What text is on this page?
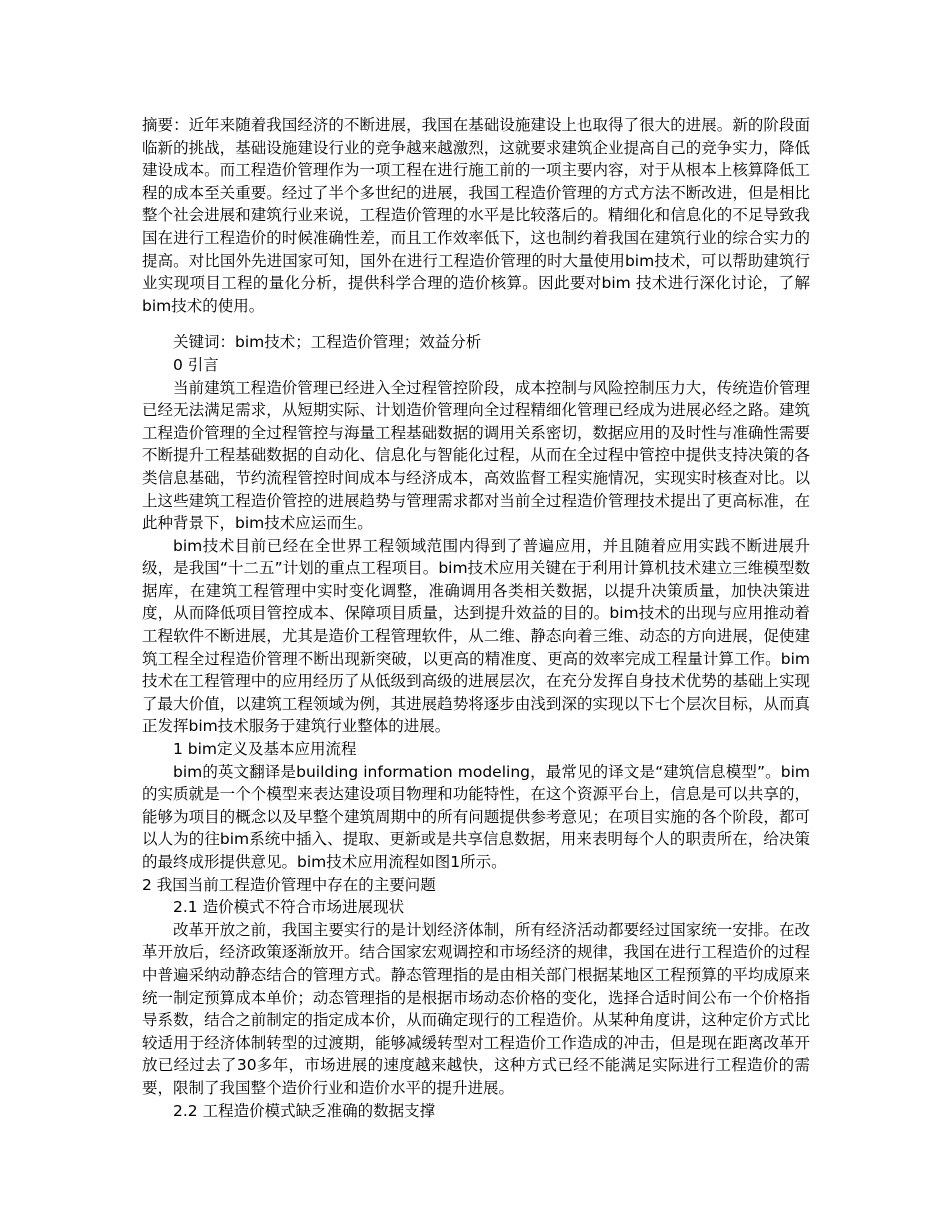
摘要：近年来随着我国经济的不断进展，我国在基础设施建设上也取得了很大的进展。新的阶段面临新的挑战，基础设施建设行业的竞争越来越激烈，这就要求建筑企业提高自己的竞争实力，降低建设成本。而工程造价管理作为一项工程在进行施工前的一项主要内容，对于从根本上核算降低工程的成本至关重要。经过了半个多世纪的进展，我国工程造价管理的方式方法不断改进，但是相比整个社会进展和建筑行业来说，工程造价管理的水平是比较落后的。精细化和信息化的不足导致我国在进行工程造价的时候准确性差，而且工作效率低下，这也制约着我国在建筑行业的综合实力的提高。对比国外先进国家可知，国外在进行工程造价管理的时大量使用bim技术，可以帮助建筑行业实现项目工程的量化分析，提供科学合理的造价核算。因此要对bim 技术进行深化讨论，了解bim技术的使用。

关键词：bim技术；工程造价管理；效益分析

0 引言

当前建筑工程造价管理已经进入全过程管控阶段，成本控制与风险控制压力大，传统造价管理已经无法满足需求，从短期实际、计划造价管理向全过程精细化管理已经成为进展必经之路。建筑工程造价管理的全过程管控与海量工程基础数据的调用关系密切，数据应用的及时性与准确性需要不断提升工程基础数据的自动化、信息化与智能化过程，从而在全过程中管控中提供支持决策的各类信息基础，节约流程管控时间成本与经济成本，高效监督工程实施情况，实现实时核查对比。以上这些建筑工程造价管控的进展趋势与管理需求都对当前全过程造价管理技术提出了更高标准，在此种背景下，bim技术应运而生。

bim技术目前已经在全世界工程领域范围内得到了普遍应用，并且随着应用实践不断进展升级，是我国“十二五”计划的重点工程项目。bim技术应用关键在于利用计算机技术建立三维模型数据库，在建筑工程管理中实时变化调整，准确调用各类相关数据，以提升决策质量，加快决策进度，从而降低项目管控成本、保障项目质量，达到提升效益的目的。bim技术的出现与应用推动着工程软件不断进展，尤其是造价工程管理软件，从二维、静态向着三维、动态的方向进展，促使建筑工程全过程造价管理不断出现新突破，以更高的精准度、更高的效率完成工程量计算工作。bim技术在工程管理中的应用经历了从低级到高级的进展层次，在充分发挥自身技术优势的基础上实现了最大价值，以建筑工程领域为例，其进展趋势将逐步由浅到深的实现以下七个层次目标，从而真正发挥bim技术服务于建筑行业整体的进展。

1 bim定义及基本应用流程

bim的英文翻译是building information modeling，最常见的译文是“建筑信息模型”。bim的实质就是一个个模型来表达建设项目物理和功能特性，在这个资源平台上，信息是可以共享的，能够为项目的概念以及早整个建筑周期中的所有问题提供参考意见；在项目实施的各个阶段，都可以人为的往bim系统中插入、提取、更新或是共享信息数据，用来表明每个人的职责所在，给决策的最终成形提供意见。bim技术应用流程如图1所示。

2 我国当前工程造价管理中存在的主要问题

2.1 造价模式不符合市场进展现状

改革开放之前，我国主要实行的是计划经济体制，所有经济活动都要经过国家统一安排。在改革开放后，经济政策逐渐放开。结合国家宏观调控和市场经济的规律，我国在进行工程造价的过程中普遍采纳动静态结合的管理方式。静态管理指的是由相关部门根据某地区工程预算的平均成原来统一制定预算成本单价；动态管理指的是根据市场动态价格的变化，选择合适时间公布一个价格指导系数，结合之前制定的指定成本价，从而确定现行的工程造价。从某种角度讲，这种定价方式比较适用于经济体制转型的过渡期，能够减缓转型对工程造价工作造成的冲击，但是现在距离改革开放已经过去了30多年，市场进展的速度越来越快，这种方式已经不能满足实际进行工程造价的需要，限制了我国整个造价行业和造价水平的提升进展。

2.2 工程造价模式缺乏准确的数据支撑
